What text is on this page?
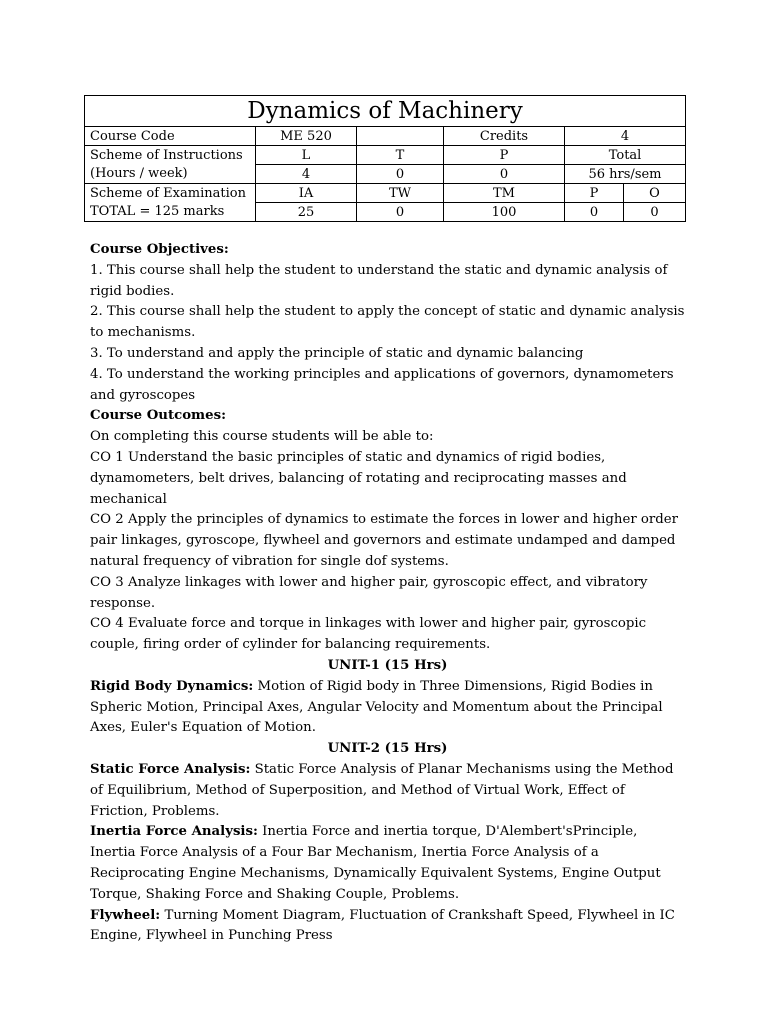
Dynamics of Machinery					
Course Code	ME 520		Credits	4	
Scheme of Instructions	L	T	P	Total	
(Hours / week)	4	0	0	56 hrs/sem	
Scheme of Examination	IA	TW	TM	P	O
TOTAL = 125 marks	25	0	100	0	0

Course Objectives:

1. This course shall help the student to understand the static and dynamic analysis of rigid bodies.

2. This course shall help the student to apply the concept of static and dynamic analysis to mechanisms.

3. To understand and apply the principle of static and dynamic balancing

4. To understand the working principles and applications of governors, dynamometers and gyroscopes

Course Outcomes:

On completing this course students will be able to:

CO 1 Understand the basic principles of static and dynamics of rigid bodies, dynamometers, belt drives, balancing of rotating and reciprocating masses and mechanical

CO 2 Apply the principles of dynamics to estimate the forces in lower and higher order pair linkages, gyroscope, flywheel and governors and estimate undamped and damped natural frequency of vibration for single dof systems.

CO 3 Analyze linkages with lower and higher pair, gyroscopic effect, and vibratory response.

CO 4 Evaluate force and torque in linkages with lower and higher pair, gyroscopic couple, firing order of cylinder for balancing requirements.

UNIT-1 (15 Hrs)

Rigid Body Dynamics: Motion of Rigid body in Three Dimensions, Rigid Bodies in Spheric Motion, Principal Axes, Angular Velocity and Momentum about the Principal Axes, Euler's Equation of Motion.

UNIT-2 (15 Hrs)

Static Force Analysis: Static Force Analysis of Planar Mechanisms using the Method of Equilibrium, Method of Superposition, and Method of Virtual Work, Effect of Friction, Problems.

Inertia Force Analysis: Inertia Force and inertia torque, D'Alembert'sPrinciple, Inertia Force Analysis of a Four Bar Mechanism, Inertia Force Analysis of a Reciprocating Engine Mechanisms, Dynamically Equivalent Systems, Engine Output Torque, Shaking Force and Shaking Couple, Problems.

Flywheel: Turning Moment Diagram, Fluctuation of Crankshaft Speed, Flywheel in IC Engine, Flywheel in Punching Press
